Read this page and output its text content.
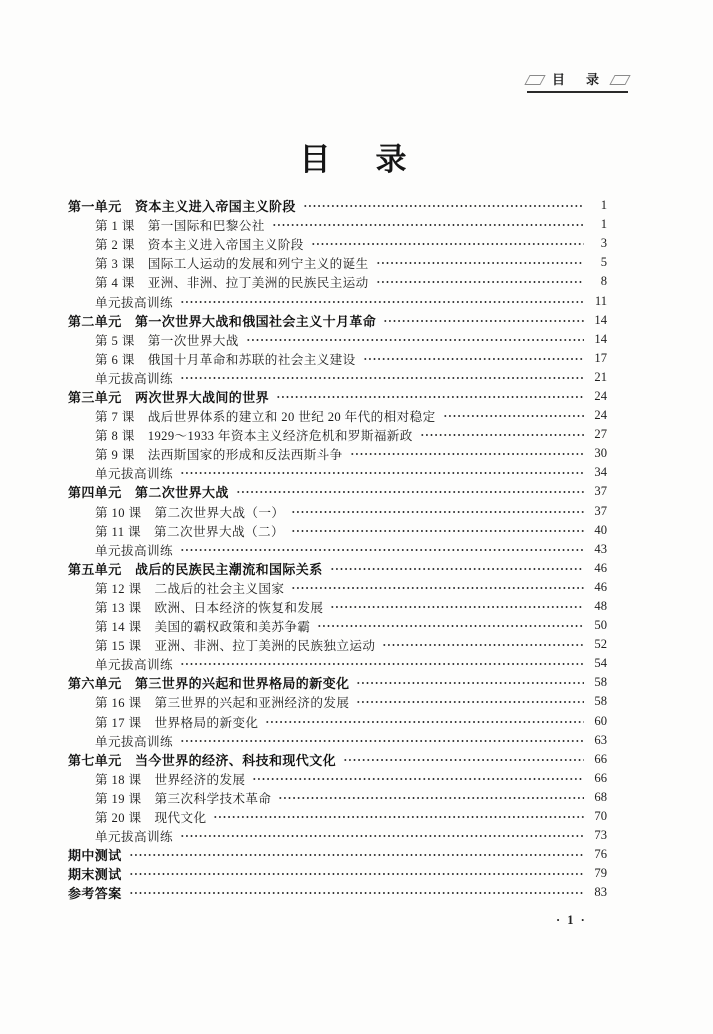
目　录
目　录
第一单元　资本主义进入帝国主义阶段	1
第 1 课　第一国际和巴黎公社	1
第 2 课　资本主义进入帝国主义阶段	3
第 3 课　国际工人运动的发展和列宁主义的诞生	5
第 4 课　亚洲、非洲、拉丁美洲的民族民主运动	8
单元拔高训练	11
第二单元　第一次世界大战和俄国社会主义十月革命	14
第 5 课　第一次世界大战	14
第 6 课　俄国十月革命和苏联的社会主义建设	17
单元拔高训练	21
第三单元　两次世界大战间的世界	24
第 7 课　战后世界体系的建立和 20 世纪 20 年代的相对稳定	24
第 8 课　1929～1933 年资本主义经济危机和罗斯福新政	27
第 9 课　法西斯国家的形成和反法西斯斗争	30
单元拔高训练	34
第四单元　第二次世界大战	37
第 10 课　第二次世界大战（一）	37
第 11 课　第二次世界大战（二）	40
单元拔高训练	43
第五单元　战后的民族民主潮流和国际关系	46
第 12 课　二战后的社会主义国家	46
第 13 课　欧洲、日本经济的恢复和发展	48
第 14 课　美国的霸权政策和美苏争霸	50
第 15 课　亚洲、非洲、拉丁美洲的民族独立运动	52
单元拔高训练	54
第六单元　第三世界的兴起和世界格局的新变化	58
第 16 课　第三世界的兴起和亚洲经济的发展	58
第 17 课　世界格局的新变化	60
单元拔高训练	63
第七单元　当今世界的经济、科技和现代文化	66
第 18 课　世界经济的发展	66
第 19 课　第三次科学技术革命	68
第 20 课　现代文化	70
单元拔高训练	73
期中测试	76
期末测试	79
参考答案	83
· 1 ·
